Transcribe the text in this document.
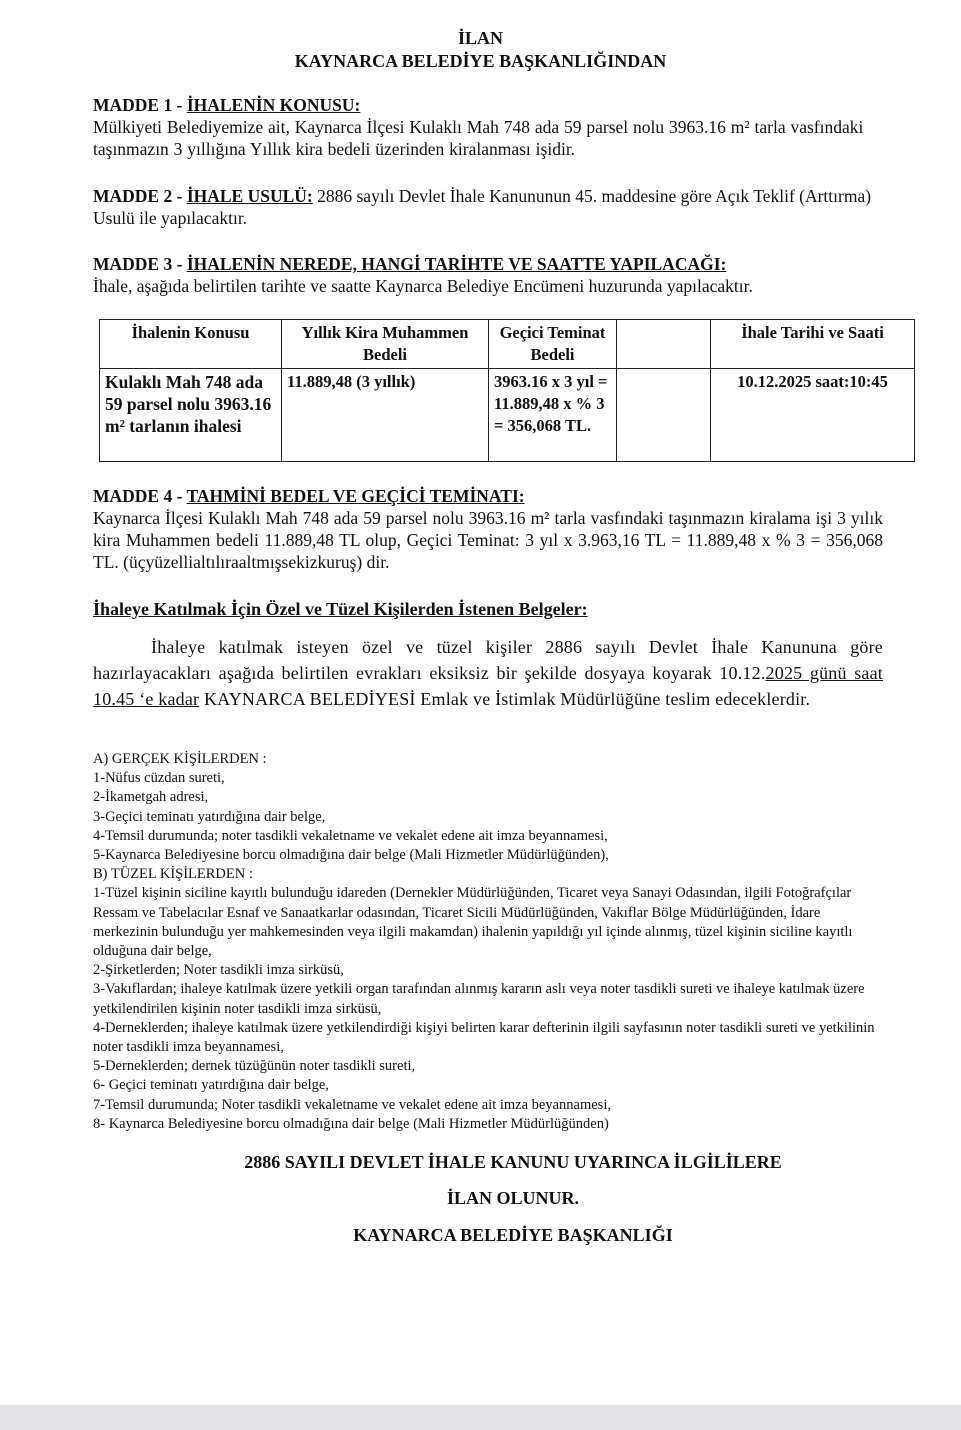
İLAN
KAYNARCA BELEDİYE BAŞKANLIĞINDAN

MADDE 1 - İHALENİN KONUSU:

Mülkiyeti Belediyemize ait, Kaynarca İlçesi Kulaklı Mah 748 ada 59 parsel nolu 3963.16 m² tarla vasfındaki taşınmazın 3 yıllığına Yıllık kira bedeli üzerinden kiralanması işidir.

MADDE 2 - İHALE USULÜ: 2886 sayılı Devlet İhale Kanununun 45. maddesine göre Açık Teklif (Arttırma) Usulü ile yapılacaktır.

MADDE 3 - İHALENİN NEREDE, HANGİ TARİHTE VE SAATTE YAPILACAĞI:

İhale, aşağıda belirtilen tarihte ve saatte Kaynarca Belediye Encümeni huzurunda yapılacaktır.

İhalenin Konusu	Yıllık Kira Muhammen Bedeli	Geçici Teminat Bedeli		İhale Tarihi ve Saati
Kulaklı Mah 748 ada 59 parsel nolu 3963.16 m² tarlanın ihalesi	11.889,48 (3 yıllık)	3963.16 x 3 yıl = 11.889,48 x % 3 = 356,068 TL.		10.12.2025 saat:10:45

MADDE 4 - TAHMİNİ BEDEL VE GEÇİCİ TEMİNATI:

Kaynarca İlçesi Kulaklı Mah 748 ada 59 parsel nolu 3963.16 m² tarla vasfındaki taşınmazın kiralama işi 3 yılık kira Muhammen bedeli 11.889,48 TL olup, Geçici Teminat: 3 yıl x 3.963,16 TL = 11.889,48 x % 3 = 356,068 TL. (üçyüzellialtılıraaltmışsekizkuruş) dir.

İhaleye Katılmak İçin Özel ve Tüzel Kişilerden İstenen Belgeler:
İhaleye katılmak isteyen özel ve tüzel kişiler 2886 sayılı Devlet İhale Kanununa göre hazırlayacakları aşağıda belirtilen evrakları eksiksiz bir şekilde dosyaya koyarak 10.12.2025 günü saat 10.45 ‘e kadar KAYNARCA BELEDİYESİ Emlak ve İstimlak Müdürlüğüne teslim edeceklerdir.
A) GERÇEK KİŞİLERDEN :
1-Nüfus cüzdan sureti,
2-İkametgah adresi,
3-Geçici teminatı yatırdığına dair belge,
4-Temsil durumunda; noter tasdikli vekaletname ve vekalet edene ait imza beyannamesi,
5-Kaynarca Belediyesine borcu olmadığına dair belge (Mali Hizmetler Müdürlüğünden),
B) TÜZEL KİŞİLERDEN :
1-Tüzel kişinin siciline kayıtlı bulunduğu idareden (Dernekler Müdürlüğünden, Ticaret veya Sanayi Odasından, ilgili Fotoğrafçılar Ressam ve Tabelacılar Esnaf ve Sanaatkarlar odasından, Ticaret Sicili Müdürlüğünden, Vakıflar Bölge Müdürlüğünden, İdare merkezinin bulunduğu yer mahkemesinden veya ilgili makamdan) ihalenin yapıldığı yıl içinde alınmış, tüzel kişinin siciline kayıtlı olduğuna dair belge,
2-Şirketlerden; Noter tasdikli imza sirküsü,
3-Vakıflardan; ihaleye katılmak üzere yetkili organ tarafından alınmış kararın aslı veya noter tasdikli sureti ve ihaleye katılmak üzere yetkilendirilen kişinin noter tasdikli imza sirküsü,
4-Derneklerden; ihaleye katılmak üzere yetkilendirdiği kişiyi belirten karar defterinin ilgili sayfasının noter tasdikli sureti ve yetkilinin noter tasdikli imza beyannamesi,
5-Derneklerden; dernek tüzüğünün noter tasdikli sureti,
6- Geçici teminatı yatırdığına dair belge,
7-Temsil durumunda; Noter tasdikli vekaletname ve vekalet edene ait imza beyannamesi,
8- Kaynarca Belediyesine borcu olmadığına dair belge (Mali Hizmetler Müdürlüğünden)
2886 SAYILI DEVLET İHALE KANUNU UYARINCA İLGİLİLERE
İLAN OLUNUR.
KAYNARCA BELEDİYE BAŞKANLIĞI
